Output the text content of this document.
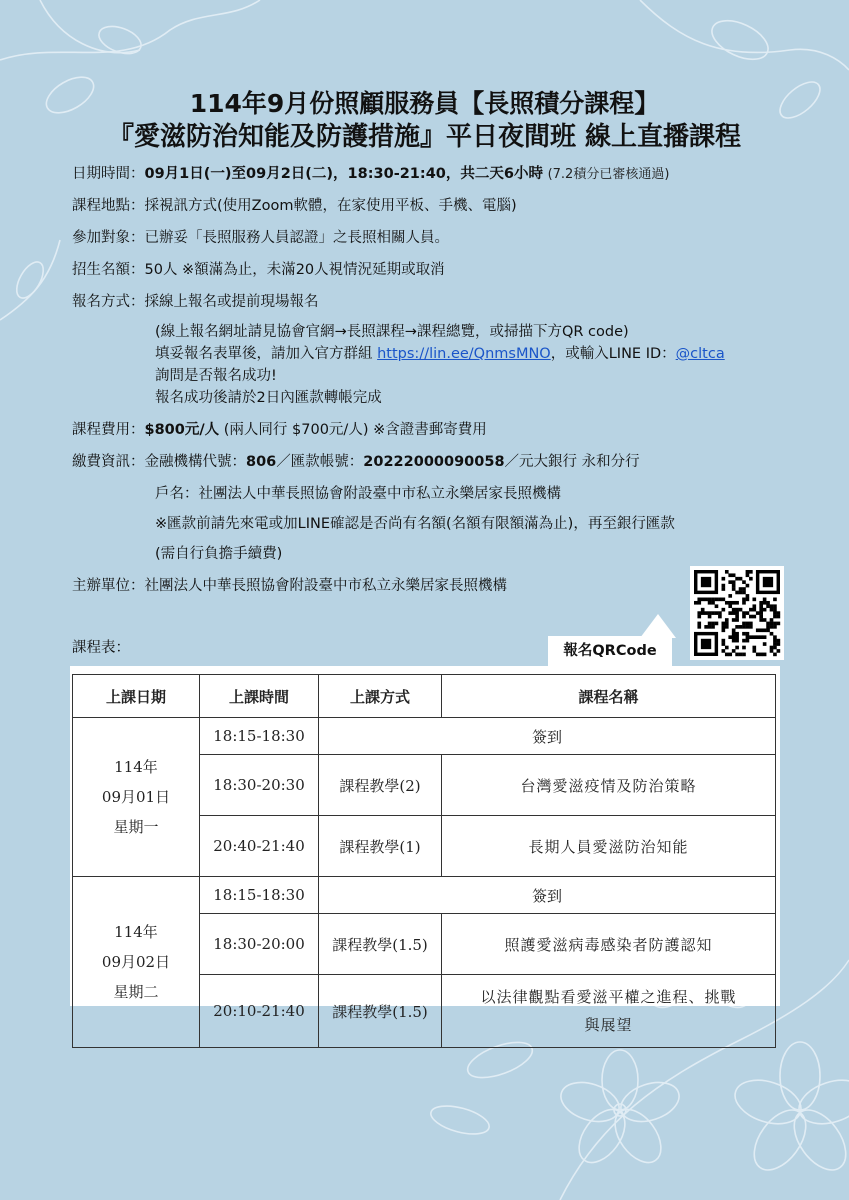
114年9月份照顧服務員【長照積分課程】
『愛滋防治知能及防護措施』平日夜間班 線上直播課程
日期時間：09月1日(一)至09月2日(二)，18:30-21:40，共二天6小時 (7.2積分已審核通過)
課程地點：採視訊方式(使用Zoom軟體，在家使用平板、手機、電腦)
參加對象：已辦妥「長照服務人員認證」之長照相關人員。
招生名額：50人 ※額滿為止，未滿20人視情況延期或取消
報名方式：採線上報名或提前現場報名
(線上報名網址請見協會官網→長照課程→課程總覽，或掃描下方QR code)
填妥報名表單後，請加入官方群組 https://lin.ee/QnmsMNO，或輸入LINE ID：@cltca
詢問是否報名成功!
報名成功後請於2日內匯款轉帳完成
課程費用：$800元/人 (兩人同行 $700元/人) ※含證書郵寄費用
繳費資訊：金融機構代號：806／匯款帳號：20222000090058／元大銀行 永和分行
戶名：社團法人中華長照協會附設臺中市私立永樂居家長照機構
※匯款前請先來電或加LINE確認是否尚有名額(名額有限額滿為止)，再至銀行匯款
(需自行負擔手續費)
主辦單位：社團法人中華長照協會附設臺中市私立永樂居家長照機構
報名QRCode
課程表：
上課日期	上課時間	上課方式	課程名稱

114年
09月01日
星期一	18:15-18:30	簽到	
	18:30-20:30	課程教學(2)	台灣愛滋疫情及防治策略
	20:40-21:40	課程教學(1)	長期人員愛滋防治知能

114年
09月02日
星期二	18:15-18:30	簽到	
	18:30-20:00	課程教學(1.5)	照護愛滋病毒感染者防護認知
	20:10-21:40	課程教學(1.5)	以法律觀點看愛滋平權之進程、挑戰
與展望
